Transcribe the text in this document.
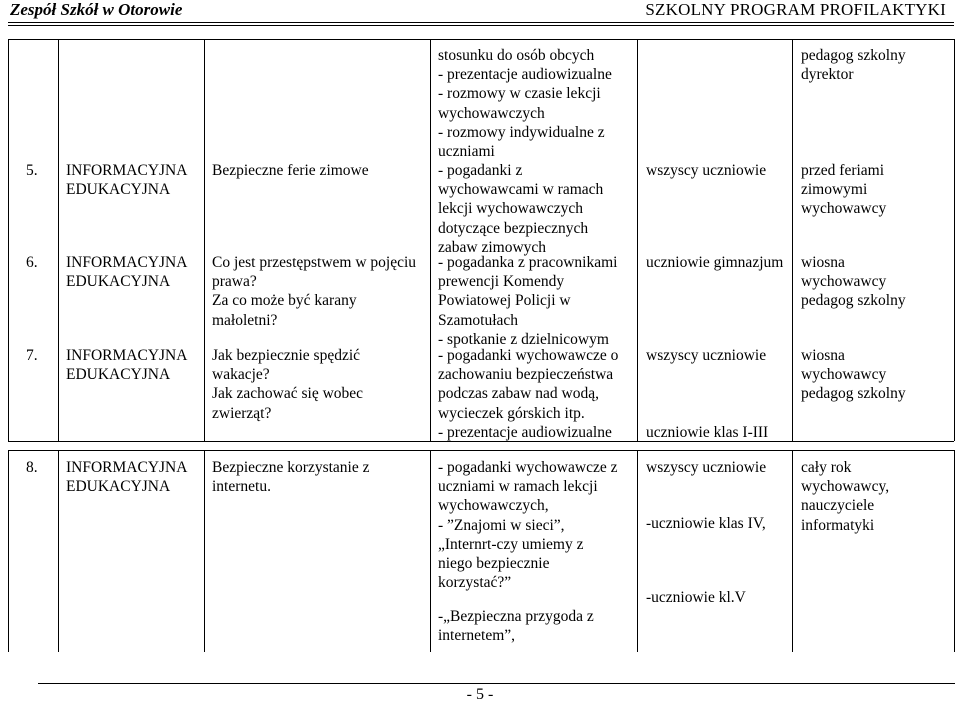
Zespół Szkół w Otorowie	SZKOLNY PROGRAM PROFILAKTYKI
stosunku do osób obcych
- prezentacje audiowizualne
- rozmowy w czasie lekcji
wychowawczych
- rozmowy indywidualne z
uczniami
pedagog szkolny
dyrektor
5. INFORMACYJNA
EDUKACYJNA
Bezpieczne ferie zimowe	- pogadanki z
wychowawcami w ramach
lekcji wychowawczych
dotyczące bezpiecznych
zabaw zimowych
wszyscy uczniowie przed feriami
zimowymi
wychowawcy
6. INFORMACYJNA
EDUKACYJNA
Co jest przestępstwem w pojęciu
prawa?
Za co może być karany
małoletni?
- pogadanka z pracownikami
prewencji Komendy
Powiatowej Policji w
Szamotułach
- spotkanie z dzielnicowym
uczniowie gimnazjum wiosna
wychowawcy
pedagog szkolny
7. INFORMACYJNA
EDUKACYJNA
Jak bezpiecznie spędzić
wakacje?
Jak zachować się wobec
zwierząt?
- pogadanki wychowawcze o
zachowaniu bezpieczeństwa
podczas zabaw nad wodą,
wycieczek górskich itp.
- prezentacje audiowizualne
wszyscy uczniowie
uczniowie klas I-III
wiosna
wychowawcy
pedagog szkolny
8. INFORMACYJNA
EDUKACYJNA
Bezpieczne korzystanie z
internetu.
- pogadanki wychowawcze z
uczniami w ramach lekcji
wychowawczych,
- ”Znajomi w sieci”,
„Internrt-czy umiemy z
niego bezpiecznie
korzystać?”
-„Bezpieczna przygoda z
internetem”,
wszyscy uczniowie
-uczniowie klas IV,
-uczniowie kl.V
cały rok
wychowawcy,
nauczyciele
informatyki
- 5 -
